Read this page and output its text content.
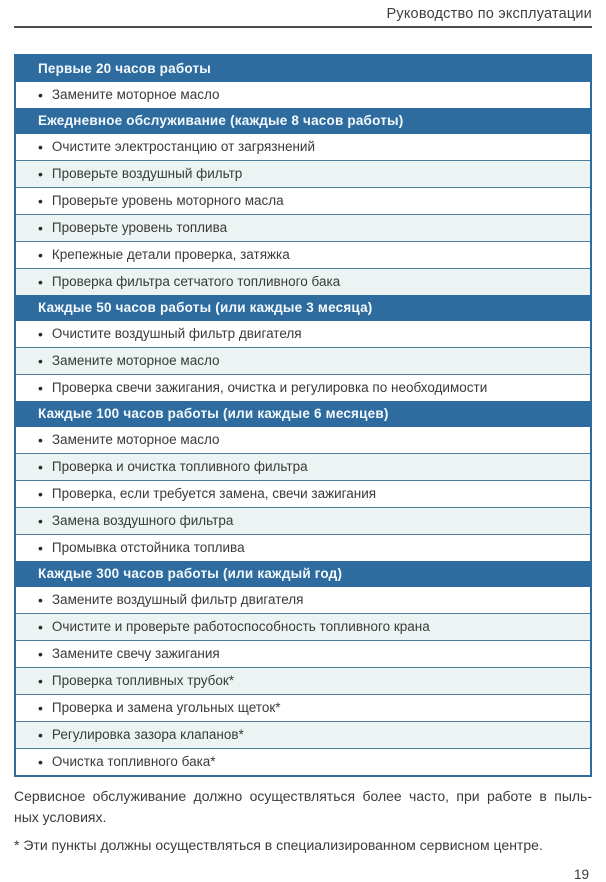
Руководство по эксплуатации
Первые 20 часов работы
• Замените моторное масло
Ежедневное обслуживание (каждые 8 часов работы)
• Очистите электростанцию от загрязнений
• Проверьте воздушный фильтр
• Проверьте уровень моторного масла
• Проверьте уровень топлива
• Крепежные детали проверка, затяжка
• Проверка фильтра сетчатого топливного бака
Каждые 50 часов работы (или каждые 3 месяца)
• Очистите воздушный фильтр двигателя
• Замените моторное масло
• Проверка свечи зажигания, очистка и регулировка по необходимости
Каждые 100 часов работы (или каждые 6 месяцев)
• Замените моторное масло
• Проверка и очистка топливного фильтра
• Проверка, если требуется замена, свечи зажигания
• Замена воздушного фильтра
• Промывка отстойника топлива
Каждые 300 часов работы (или каждый год)
• Замените воздушный фильтр двигателя
• Очистите и проверьте работоспособность топливного крана
• Замените свечу зажигания
• Проверка топливных трубок*
• Проверка и замена угольных щеток*
• Регулировка зазора клапанов*
• Очистка топливного бака*
Сервисное обслуживание должно осуществляться более часто, при работе в пыль-
ных условиях.
* Эти пункты должны осуществляться в специализированном сервисном центре.
19
